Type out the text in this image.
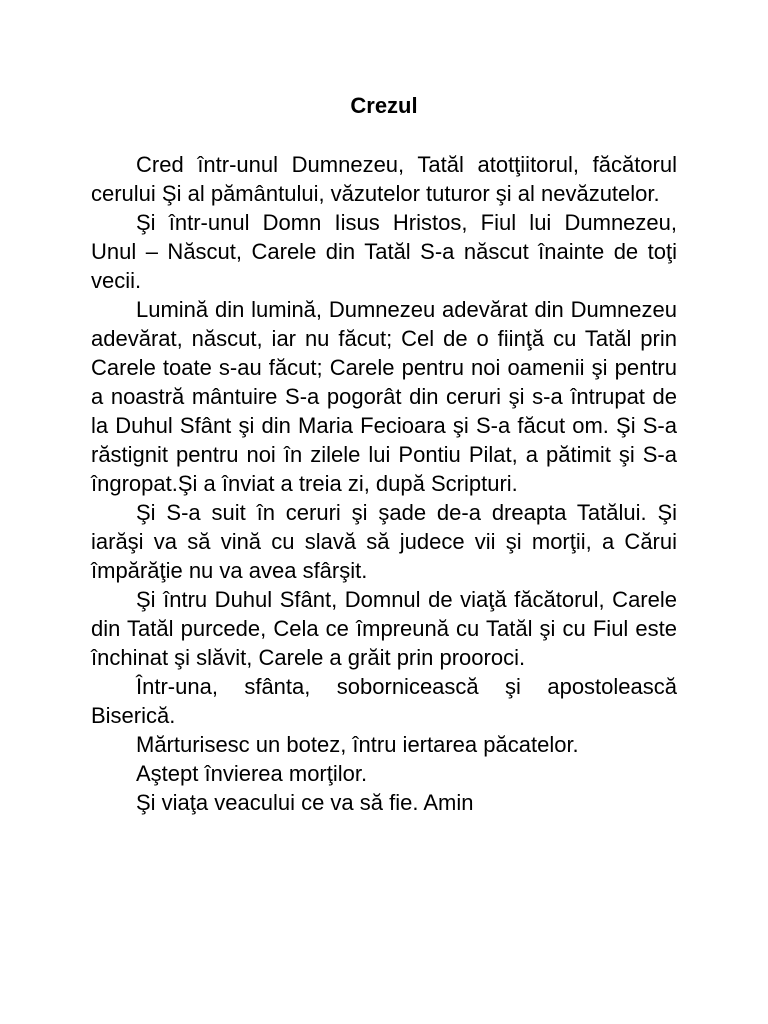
Crezul

Cred într-unul Dumnezeu, Tatăl atotţiitorul, făcătorul cerului Şi al pământului, văzutelor tuturor şi al nevăzutelor.

Şi într-unul Domn Iisus Hristos, Fiul lui Dumnezeu, Unul – Născut, Carele din Tatăl S-a născut înainte de toţi vecii.

Lumină din lumină, Dumnezeu adevărat din Dumnezeu adevărat, născut, iar nu făcut; Cel de o fiinţă cu Tatăl prin Carele toate s-au făcut; Carele pentru noi oamenii şi pentru a noastră mântuire S-a pogorât din ceruri şi s-a întrupat de la Duhul Sfânt şi din Maria Fecioara şi S-a făcut om. Şi S-a răstignit pentru noi în zilele lui Pontiu Pilat, a pătimit şi S-a îngropat.Şi a înviat a treia zi, după Scripturi.

Şi S-a suit în ceruri şi şade de-a dreapta Tatălui. Şi iarăşi va să vină cu slavă să judece vii şi morţii, a Cărui împărăţie nu va avea sfârşit.

Şi întru Duhul Sfânt, Domnul de viaţă făcătorul, Carele din Tatăl purcede, Cela ce împreună cu Tatăl şi cu Fiul este închinat şi slăvit, Carele a grăit prin prooroci.

Într-una, sfânta, sobornicească şi apostolească Biserică.

Mărturisesc un botez, întru iertarea păcatelor.

Aştept învierea morţilor.

Şi viaţa veacului ce va să fie. Amin
